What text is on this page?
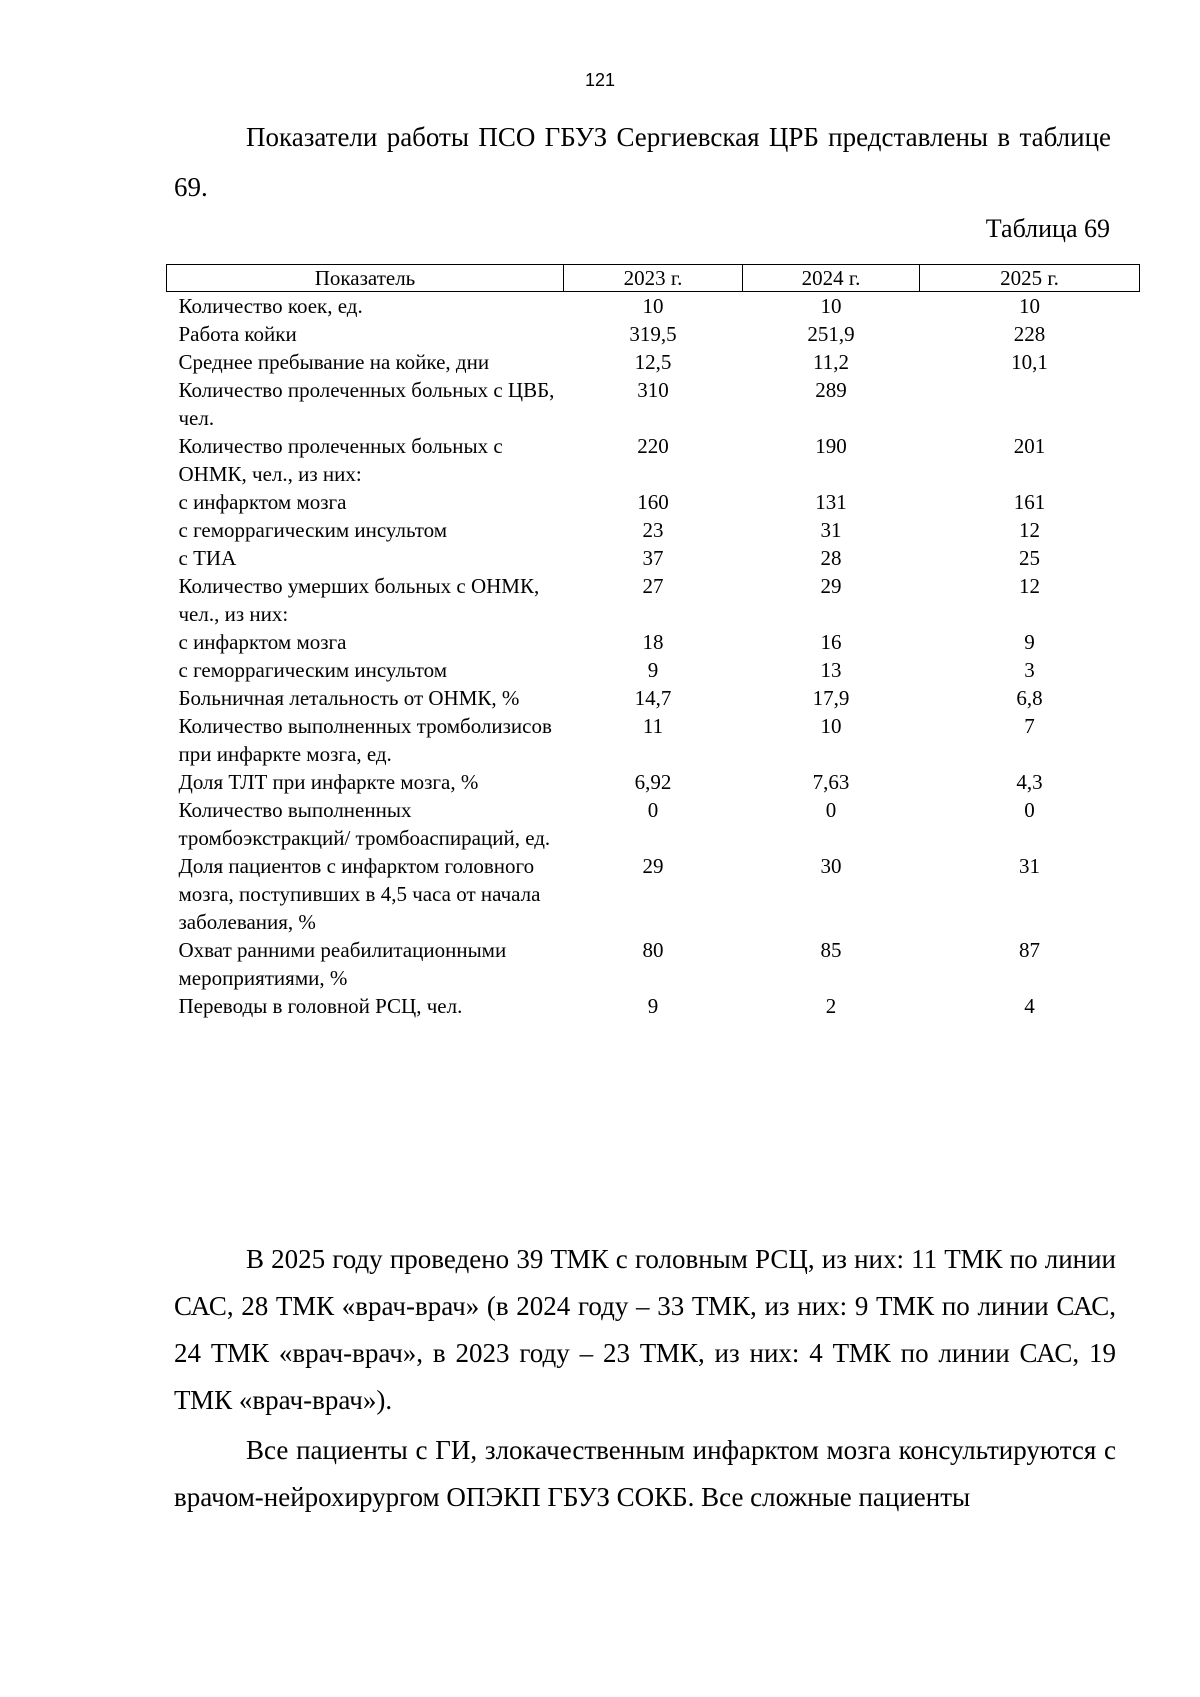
121

Показатели работы ПСО ГБУЗ Сергиевская ЦРБ представлены в таблице 69.

Таблица 69
Показатель	2023 г.	2024 г.	2025 г.
Количество коек, ед.	10	10	10
Работа койки	319,5	251,9	228
Среднее пребывание на койке, дни	12,5	11,2	10,1
Количество пролеченных больных с ЦВБ, чел.	310	289	
Количество пролеченных больных с ОНМК, чел., из них:	220	190	201
с инфарктом мозга	160	131	161
с геморрагическим инсультом	23	31	12
с ТИА	37	28	25
Количество умерших больных с ОНМК, чел., из них:	27	29	12
с инфарктом мозга	18	16	9
с геморрагическим инсультом	9	13	3
Больничная летальность от ОНМК, %	14,7	17,9	6,8
Количество выполненных тромболизисов при инфаркте мозга, ед.	11	10	7
Доля ТЛТ при инфаркте мозга, %	6,92	7,63	4,3
Количество выполненных тромбоэкстракций/ тромбоаспираций, ед.	0	0	0
Доля пациентов с инфарктом головного мозга, поступивших в 4,5 часа от начала заболевания, %	29	30	31
Охват ранними реабилитационными мероприятиями, %	80	85	87
Переводы в головной РСЦ, чел.	9	2	4

В 2025 году проведено 39 ТМК с головным РСЦ, из них: 11 ТМК по линии САС, 28 ТМК «врач-врач» (в 2024 году – 33 ТМК, из них: 9 ТМК по линии САС, 24 ТМК «врач-врач», в 2023 году – 23 ТМК, из них: 4 ТМК по линии САС, 19 ТМК «врач-врач»).

Все пациенты с ГИ, злокачественным инфарктом мозга консультируются с врачом-нейрохирургом ОПЭКП ГБУЗ СОКБ. Все сложные пациенты
